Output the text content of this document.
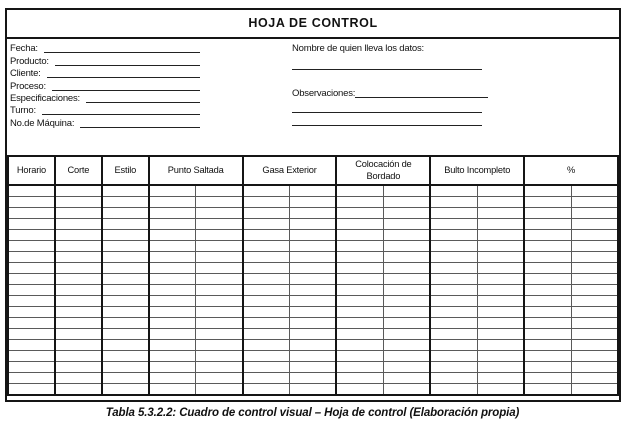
HOJA DE CONTROL
Fecha:
Producto:
Cliente:
Proceso:
Especificaciones:
Turno:
No.de Máquina:
Nombre de quien lleva los datos:
Observaciones:
Horario	Corte	Estilo	Punto Saltada		Gasa Exterior		Colocación de Bordado		Bulto Incompleto		%	

Tabla 5.3.2.2: Cuadro de control visual – Hoja de control (Elaboración propia)
